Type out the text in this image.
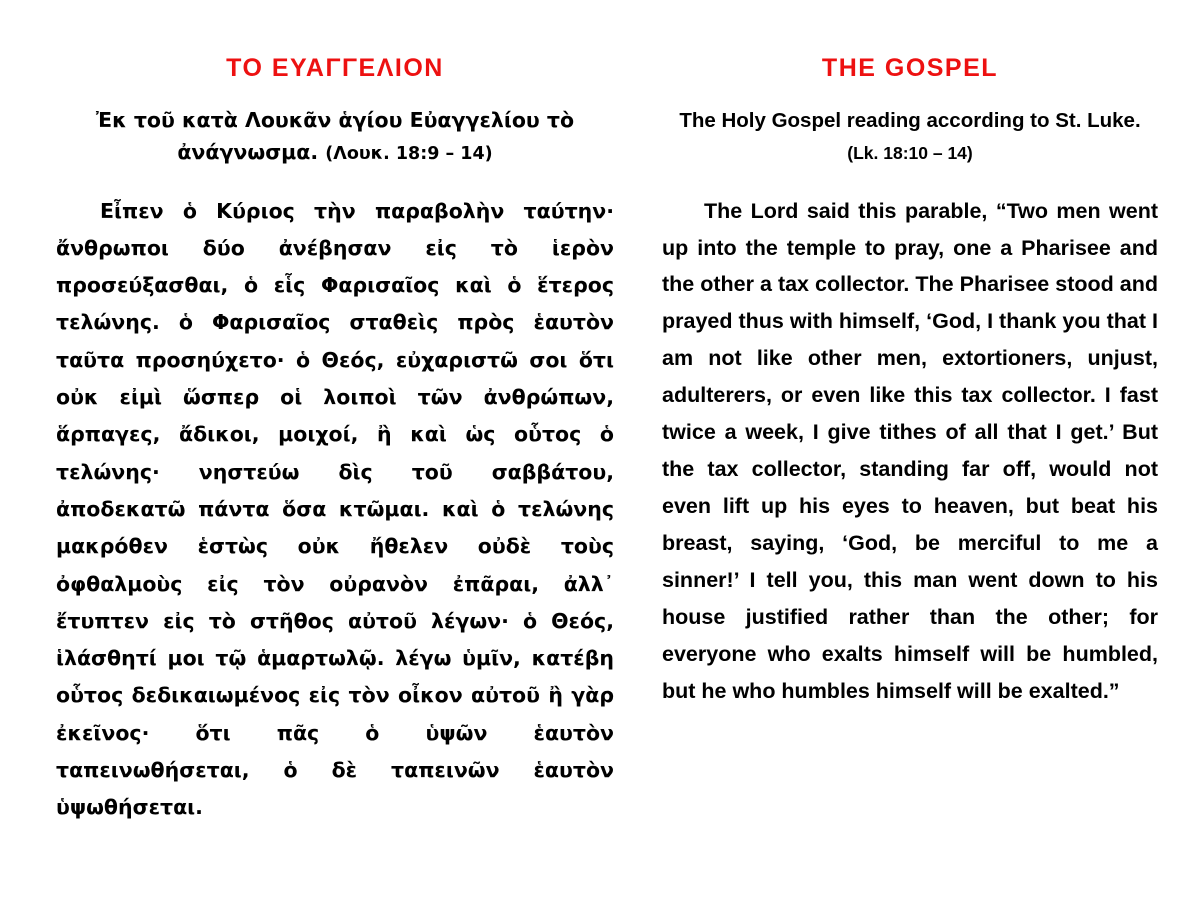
ΤΟ ΕΥΑΓΓΕΛΙΟΝ

Ἐκ τοῦ κατὰ Λουκᾶν ἁγίου Εὐαγγελίου τὸ ἀνάγνωσμα. (Λουκ. 18:9 – 14)

Εἶπεν ὁ Κύριος τὴν παραβολὴν ταύτην· ἄνθρωποι δύο ἀνέβησαν εἰς τὸ ἱερὸν προσεύξασθαι, ὁ εἷς Φαρισαῖος καὶ ὁ ἕτερος τελώνης. ὁ Φαρισαῖος σταθεὶς πρὸς ἑαυτὸν ταῦτα προσηύχετο· ὁ Θεός, εὐχαριστῶ σοι ὅτι οὐκ εἰμὶ ὥσπερ οἱ λοιποὶ τῶν ἀνθρώπων, ἅρπαγες, ἄδικοι, μοιχοί, ἢ καὶ ὡς οὗτος ὁ τελώνης· νηστεύω δὶς τοῦ σαββάτου, ἀποδεκατῶ πάντα ὅσα κτῶμαι. καὶ ὁ τελώνης μακρόθεν ἑστὼς οὐκ ἤθελεν οὐδὲ τοὺς ὀφθαλμοὺς εἰς τὸν οὐρανὸν ἐπᾶραι, ἀλλ᾿ ἔτυπτεν εἰς τὸ στῆθος αὐτοῦ λέγων· ὁ Θεός, ἱλάσθητί μοι τῷ ἁμαρτωλῷ. λέγω ὑμῖν, κατέβη οὗτος δεδικαιωμένος εἰς τὸν οἶκον αὐτοῦ ἢ γὰρ ἐκεῖνος· ὅτι πᾶς ὁ ὑψῶν ἑαυτὸν ταπεινωθήσεται, ὁ δὲ ταπεινῶν ἑαυτὸν ὑψωθήσεται.

THE GOSPEL

The Holy Gospel reading according to St. Luke. (Lk. 18:10 – 14)

The Lord said this parable, “Two men went up into the temple to pray, one a Pharisee and the other a tax collector. The Pharisee stood and prayed thus with himself, ‘God, I thank you that I am not like other men, extortioners, unjust, adulterers, or even like this tax collector. I fast twice a week, I give tithes of all that I get.’ But the tax collector, standing far off, would not even lift up his eyes to heaven, but beat his breast, saying, ‘God, be merciful to me a sinner!’ I tell you, this man went down to his house justified rather than the other; for everyone who exalts himself will be humbled, but he who humbles himself will be exalted.”
